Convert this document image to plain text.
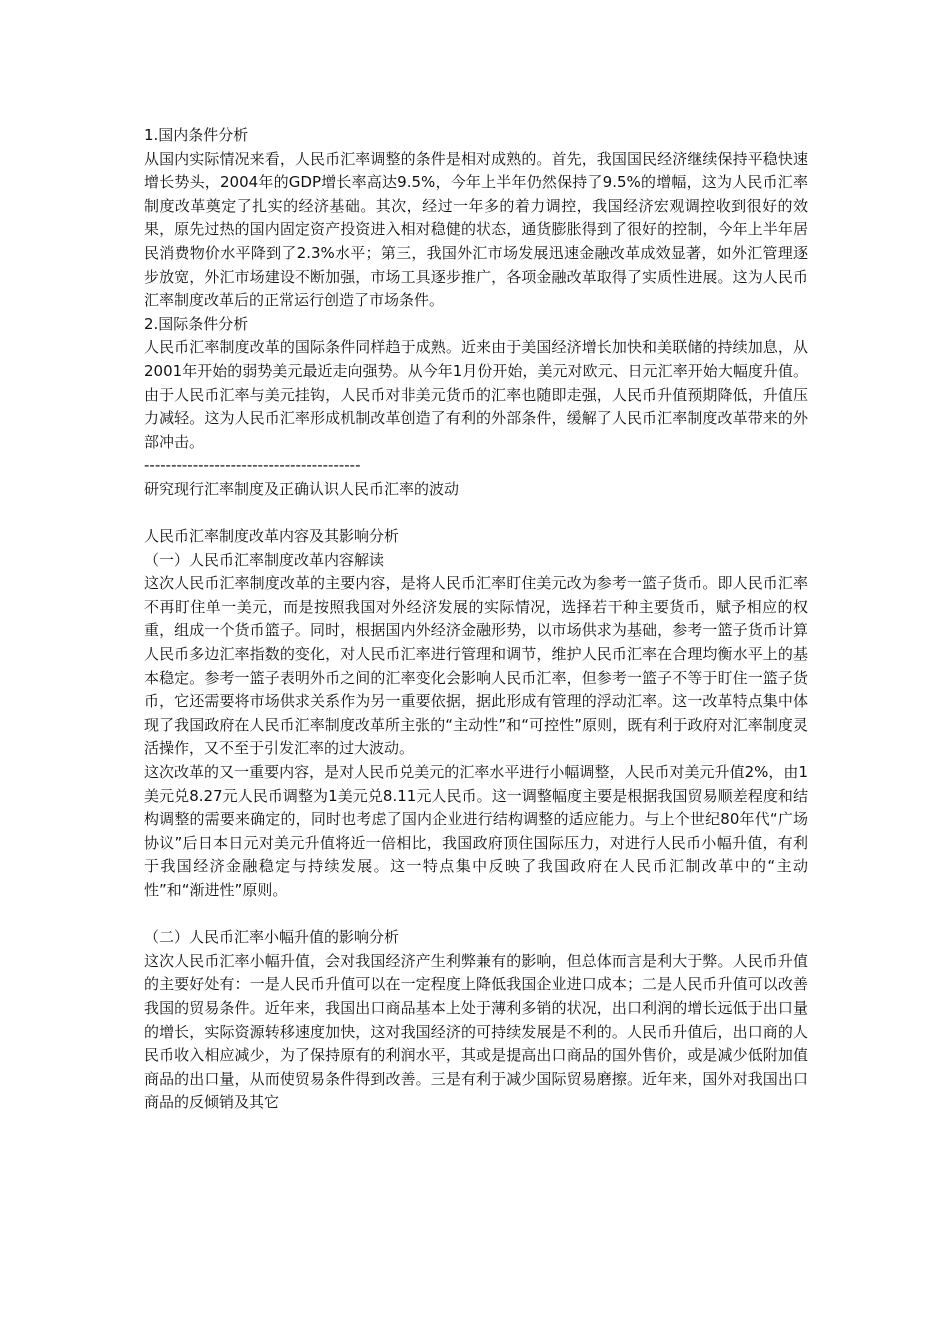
1.国内条件分析

从国内实际情况来看，人民币汇率调整的条件是相对成熟的。首先，我国国民经济继续保持平稳快速增长势头，2004年的GDP增长率高达9.5%，今年上半年仍然保持了9.5%的增幅，这为人民币汇率制度改革奠定了扎实的经济基础。其次，经过一年多的着力调控，我国经济宏观调控收到很好的效果，原先过热的国内固定资产投资进入相对稳健的状态，通货膨胀得到了很好的控制，今年上半年居民消费物价水平降到了2.3%水平；第三，我国外汇市场发展迅速金融改革成效显著，如外汇管理逐步放宽，外汇市场建设不断加强，市场工具逐步推广，各项金融改革取得了实质性进展。这为人民币汇率制度改革后的正常运行创造了市场条件。

2.国际条件分析

人民币汇率制度改革的国际条件同样趋于成熟。近来由于美国经济增长加快和美联储的持续加息，从2001年开始的弱势美元最近走向强势。从今年1月份开始，美元对欧元、日元汇率开始大幅度升值。由于人民币汇率与美元挂钩，人民币对非美元货币的汇率也随即走强，人民币升值预期降低，升值压力减轻。这为人民币汇率形成机制改革创造了有利的外部条件，缓解了人民币汇率制度改革带来的外部冲击。

----------------------------------------

研究现行汇率制度及正确认识人民币汇率的波动

人民币汇率制度改革内容及其影响分析

（一）人民币汇率制度改革内容解读

这次人民币汇率制度改革的主要内容，是将人民币汇率盯住美元改为参考一篮子货币。即人民币汇率不再盯住单一美元，而是按照我国对外经济发展的实际情况，选择若干种主要货币，赋予相应的权重，组成一个货币篮子。同时，根据国内外经济金融形势，以市场供求为基础，参考一篮子货币计算人民币多边汇率指数的变化，对人民币汇率进行管理和调节，维护人民币汇率在合理均衡水平上的基本稳定。参考一篮子表明外币之间的汇率变化会影响人民币汇率，但参考一篮子不等于盯住一篮子货币，它还需要将市场供求关系作为另一重要依据，据此形成有管理的浮动汇率。这一改革特点集中体现了我国政府在人民币汇率制度改革所主张的“主动性”和“可控性”原则，既有利于政府对汇率制度灵活操作，又不至于引发汇率的过大波动。

这次改革的又一重要内容，是对人民币兑美元的汇率水平进行小幅调整，人民币对美元升值2%，由1美元兑8.27元人民币调整为1美元兑8.11元人民币。这一调整幅度主要是根据我国贸易顺差程度和结构调整的需要来确定的，同时也考虑了国内企业进行结构调整的适应能力。与上个世纪80年代“广场协议”后日本日元对美元升值将近一倍相比，我国政府顶住国际压力，对进行人民币小幅升值，有利于我国经济金融稳定与持续发展。这一特点集中反映了我国政府在人民币汇制改革中的“主动性”和“渐进性”原则。

（二）人民币汇率小幅升值的影响分析

这次人民币汇率小幅升值，会对我国经济产生利弊兼有的影响，但总体而言是利大于弊。人民币升值的主要好处有：一是人民币升值可以在一定程度上降低我国企业进口成本；二是人民币升值可以改善我国的贸易条件。近年来，我国出口商品基本上处于薄利多销的状况，出口利润的增长远低于出口量的增长，实际资源转移速度加快，这对我国经济的可持续发展是不利的。人民币升值后，出口商的人民币收入相应减少，为了保持原有的利润水平，其或是提高出口商品的国外售价，或是减少低附加值商品的出口量，从而使贸易条件得到改善。三是有利于减少国际贸易磨擦。近年来，国外对我国出口商品的反倾销及其它
